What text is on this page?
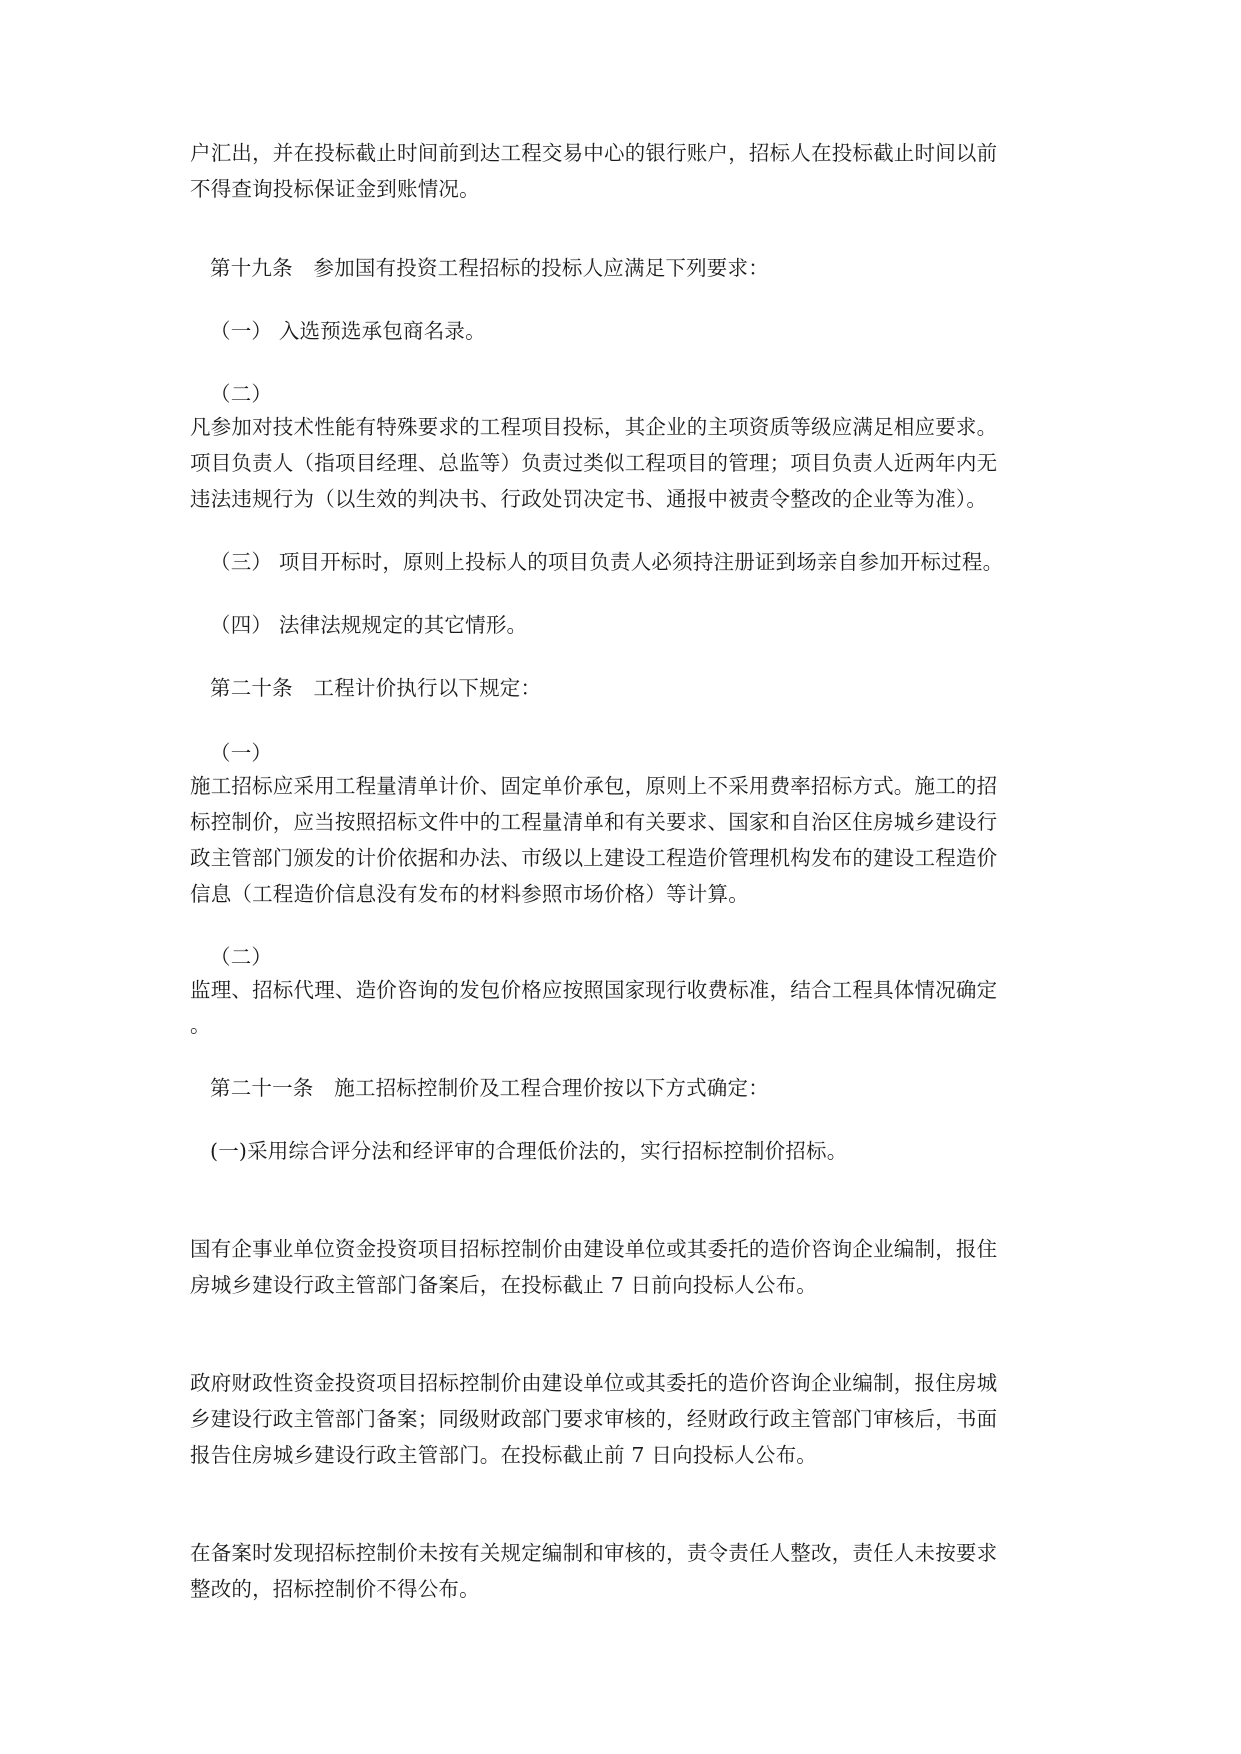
户汇出，并在投标截止时间前到达工程交易中心的银行账户，招标人在投标截止时间以前
不得查询投标保证金到账情况。
第十九条　参加国有投资工程招标的投标人应满足下列要求：
（一） 入选预选承包商名录。
（二）
凡参加对技术性能有特殊要求的工程项目投标，其企业的主项资质等级应满足相应要求。
项目负责人（指项目经理、总监等）负责过类似工程项目的管理；项目负责人近两年内无
违法违规行为（以生效的判决书、行政处罚决定书、通报中被责令整改的企业等为准）。
（三） 项目开标时，原则上投标人的项目负责人必须持注册证到场亲自参加开标过程。
（四） 法律法规规定的其它情形。
第二十条　工程计价执行以下规定：
（一）
施工招标应采用工程量清单计价、固定单价承包，原则上不采用费率招标方式。施工的招
标控制价，应当按照招标文件中的工程量清单和有关要求、国家和自治区住房城乡建设行
政主管部门颁发的计价依据和办法、市级以上建设工程造价管理机构发布的建设工程造价
信息（工程造价信息没有发布的材料参照市场价格）等计算。
（二）
监理、招标代理、造价咨询的发包价格应按照国家现行收费标准，结合工程具体情况确定
。
第二十一条　施工招标控制价及工程合理价按以下方式确定：
(一)采用综合评分法和经评审的合理低价法的，实行招标控制价招标。
国有企事业单位资金投资项目招标控制价由建设单位或其委托的造价咨询企业编制，报住
房城乡建设行政主管部门备案后，在投标截止 7 日前向投标人公布。
政府财政性资金投资项目招标控制价由建设单位或其委托的造价咨询企业编制，报住房城
乡建设行政主管部门备案；同级财政部门要求审核的，经财政行政主管部门审核后，书面
报告住房城乡建设行政主管部门。在投标截止前 7 日向投标人公布。
在备案时发现招标控制价未按有关规定编制和审核的，责令责任人整改，责任人未按要求
整改的，招标控制价不得公布。
